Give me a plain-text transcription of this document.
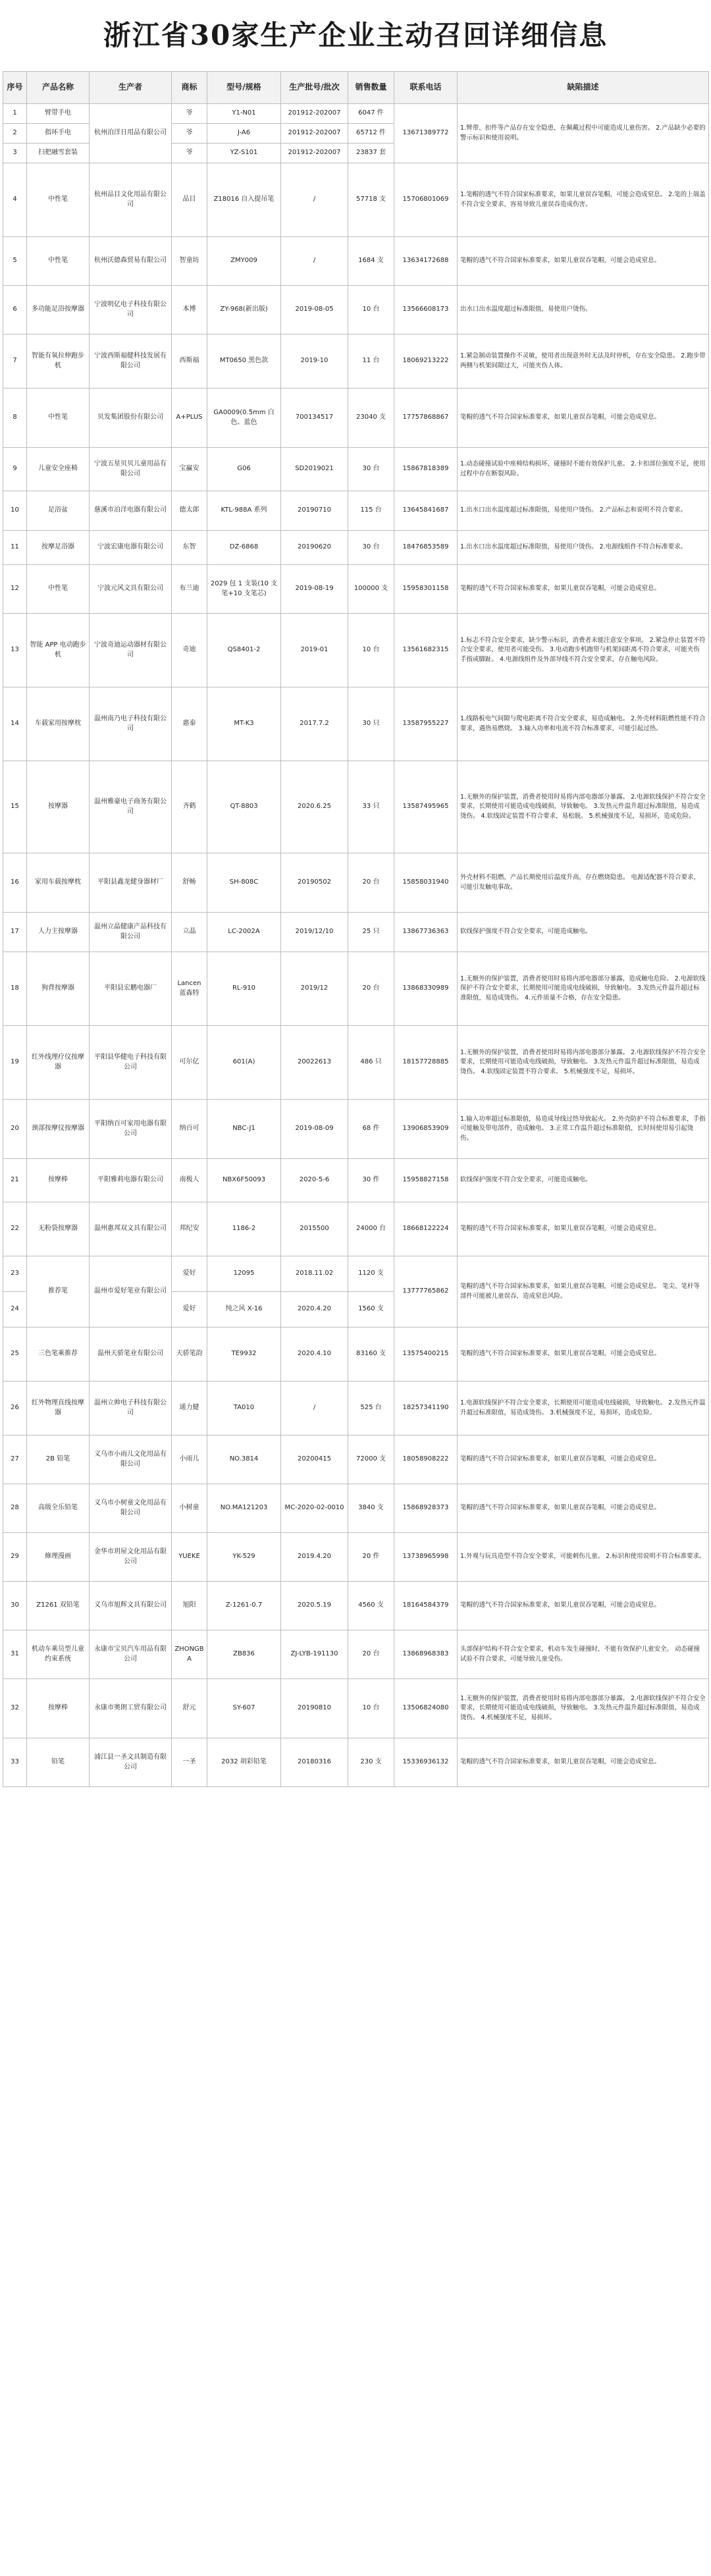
浙江省30家生产企业主动召回详细信息
序号	产品名称	生产者	商标	型号/规格	生产批号/批次	销售数量	联系电话	缺陷描述
1	臂带手电	杭州泊洋日用品有限公司	爷	Y1-N01	201912-202007	6047 件	13671389772	1.臂带、扣件等产品存在安全隐患，在佩戴过程中可能造成儿童伤害。 2.产品缺少必要的警示标识和使用说明。
2	指环手电		爷	J-A6	201912-202007	65712 件		
3	扫把融雪套装		爷	YZ-S101	201912-202007	23837 套		
4	中性笔	杭州品目文化用品有限公司	品目	Z18016 自入提吊笔	/	57718 支	15706801069	1.笔帽的透气不符合国家标准要求，如果儿童误吞笔帽，可能会造成窒息。 2.笔的上端盖不符合安全要求，容易导致儿童误吞造成伤害。
5	中性笔	杭州沃德森贸易有限公司	智童坊	ZMY009	/	1684 支	13634172688	笔帽的透气不符合国家标准要求，如果儿童误吞笔帽，可能会造成窒息。
6	多功能足浴按摩器	宁波明亿电子科技有限公司	本博	ZY-968(新出版)	2019-08-05	10 台	13566608173	出水口出水温度超过标准限值，易使用户烫伤。
7	智能有氧拉伸跑步机	宁波西斯福健科技发展有限公司	西斯福	MT0650 黑色款	2019-10	11 台	18069213222	1.紧急制动装置操作不灵敏，使用者出现意外时无法及时停机，存在安全隐患。 2.跑步带两侧与机架间隙过大，可能夹伤人体。
8	中性笔	贝发集团股份有限公司	A+PLUS	GA0009(0.5mm 白色、蓝色	700134517	23040 支	17757868867	笔帽的透气不符合国家标准要求，如果儿童误吞笔帽，可能会造成窒息。
9	儿童安全座椅	宁波五星贝贝儿童用品有限公司	宝赢安	G06	SD2019021	30 台	15867818389	1.动态碰撞试验中座椅结构损坏，碰撞时不能有效保护儿童。 2.卡扣部位强度不足，使用过程中存在断裂风险。
10	足浴盆	慈溪市泊洋电器有限公司	德太郎	KTL-988A 系列	20190710	115 台	13645841687	1.出水口出水温度超过标准限值，易使用户烫伤。 2.产品标志和说明不符合要求。
11	按摩足浴器	宁波宏康电器有限公司	东智	DZ-6868	20190620	30 台	18476853589	1.出水口出水温度超过标准限值，易使用户烫伤。 2.电源线组件不符合标准要求。
12	中性笔	宁波元风文具有限公司	布兰迪	2029 包 1 支装(10 支笔+10 支笔芯)	2019-08-19	100000 支	15958301158	笔帽的透气不符合国家标准要求，如果儿童误吞笔帽，可能会造成窒息。
13	智能 APP 电动跑步机	宁波奇迪运动器材有限公司	奇迪	QS8401-2	2019-01	10 台	13561682315	1.标志不符合安全要求，缺少警示标识，消费者未能注意安全事项。 2.紧急停止装置不符合安全要求，使用者可能受伤。 3.电动跑步机跑带与机架间距离不符合要求，可能夹伤手指或脚趾。 4.电源线组件及外部导线不符合安全要求，存在触电风险。
14	车载家用按摩枕	温州南乃电子科技有限公司	惠泰	MT-K3	2017.7.2	30 只	13587955227	1.线路板电气间隙与爬电距离不符合安全要求，易造成触电。 2.外壳材料阻燃性能不符合要求，遇热易燃烧。 3.输入功率和电流不符合标准要求，可能引起过热。
15	按摩器	温州雅豪电子商务有限公司	齐鹤	QT-8803	2020.6.25	33 只	13587495965	1.无额外的保护装置，消费者使用时易将内部电器部分暴露。 2.电源软线保护不符合安全要求，长期使用可能造成电线破损，导致触电。 3.发热元件温升超过标准限值，易造成烫伤。 4.软线固定装置不符合要求，易松脱。 5.机械强度不足，易损坏，造成危险。
16	家用车载按摩枕	平阳县鑫龙健身器材厂	舒畅	SH-808C	20190502	20 台	15858031940	外壳材料不阻燃，产品长期使用后温度升高，存在燃烧隐患。 电源适配器不符合要求，可能引发触电事故。
17	人力主按摩器	温州立晶健康产品科技有限公司	立晶	LC-2002A	2019/12/10	25 只	13867736363	软线保护强度不符合安全要求，可能造成触电。
18	狗背按摩器	平阳县宏鹏电器厂	Lancen 蓝森特	RL-910	2019/12	20 台	13868330989	1.无额外的保护装置，消费者使用时易将内部电器部分暴露，造成触电危险。 2.电源软线保护不符合安全要求，长期使用可能造成电线破损，导致触电。 3.发热元件温升超过标准限值，易造成烫伤。 4.元件质量不合格，存在安全隐患。
19	红外线理疗仪按摩器	平阳县华健电子科技有限公司	可尔亿	601(A)	20022613	486 只	18157728885	1.无额外的保护装置，消费者使用时易将内部电器部分暴露。 2.电源软线保护不符合安全要求，长期使用可能造成电线破损，导致触电。 3.发热元件温升超过标准限值，易造成烫伤。 4.软线固定装置不符合要求。 5.机械强度不足，易损坏。
20	颈部按摩仪按摩器	平阳纳百可家用电器有限公司	纳百可	NBC-J1	2019-08-09	68 件	13906853909	1.输入功率超过标准限值，易造成导线过热导致起火。 2.外壳防护不符合标准要求，手指可能触及带电部件，造成触电。 3.正常工作温升超过标准限值，长时间使用易引起烫伤。
21	按摩棒	平阳雅莉电器有限公司	南极人	NBX6F50093	2020-5-6	30 件	15958827158	软线保护强度不符合安全要求，可能造成触电。
22	无粉袋按摩器	温州惠邦双文具有限公司	邦纪安	1186-2	2015500	24000 台	18668122224	笔帽的透气不符合国家标准要求，如果儿童误吞笔帽，可能会造成窒息。
23	推荐笔	温州市爱好笔业有限公司	爱好	12095	2018.11.02	1120 支	13777765862	笔帽的透气不符合国家标准要求，如果儿童误吞笔帽，可能会造成窒息。 笔尖、笔杆等部件可能被儿童误吞，造成窒息风险。
24			爱好	纯之风 X-16	2020.4.20	1560 支		
25	三色笔乘推荐	温州天骄笔业有限公司	天骄笔韵	TE9932	2020.4.10	83160 支	13575400215	笔帽的透气不符合国家标准要求，如果儿童误吞笔帽，可能会造成窒息。
26	红外物理直线按摩器	温州立帅电子科技有限公司	通力健	TA010	/	525 台	18257341190	1.电源软线保护不符合安全要求，长期使用可能造成电线破损，导致触电。 2.发热元件温升超过标准限值，易造成烫伤。 3.机械强度不足，易损坏，造成危险。
27	2B 铅笔	义乌市小雨儿文化用品有限公司	小雨儿	NO.3814	20200415	72000 支	18058908222	笔帽的透气不符合国家标准要求，如果儿童误吞笔帽，可能会造成窒息。
28	高级全乐铅笔	义乌市小树童文化用品有限公司	小树童	NO.MA121203	MC-2020-02-0010	3840 支	15868928373	笔帽的透气不符合国家标准要求，如果儿童误吞笔帽，可能会造成窒息。
29	修理漫画	金华市玥屋文化用品有限公司	YUEKE	YK-529	2019.4.20	20 件	13738965998	1.外观与玩具造型不符合安全要求，可能刺伤儿童。 2.标识和使用说明不符合标准要求。
30	Z1261 双铅笔	义乌市旭辉文具有限公司	旭阳	Z-1261-0.7	2020.5.19	4560 支	18164584379	笔帽的透气不符合国家标准要求，如果儿童误吞笔帽，可能会造成窒息。
31	机动车乘员型儿童约束系统	永康市宝贝汽车用品有限公司	ZHONGBA	ZB836	ZJ-LYB-191130	20 台	13868968383	头部保护结构不符合安全要求，机动车发生碰撞时，不能有效保护儿童安全。 动态碰撞试验不符合要求，可能导致儿童受伤。
32	按摩棒	永康市奥朗工贸有限公司	舒元	SY-607	20190810	10 台	13506824080	1.无额外的保护装置，消费者使用时易将内部电器部分暴露。 2.电源软线保护不符合安全要求，长期使用可能造成电线破损，导致触电。 3.发热元件温升超过标准限值，易造成烫伤。 4.机械强度不足，易损坏。
33	铅笔	浦江县一圣文具制造有限公司	一圣	2032 胡彩铅笔	20180316	230 支	15336936132	笔帽的透气不符合国家标准要求，如果儿童误吞笔帽，可能会造成窒息。
